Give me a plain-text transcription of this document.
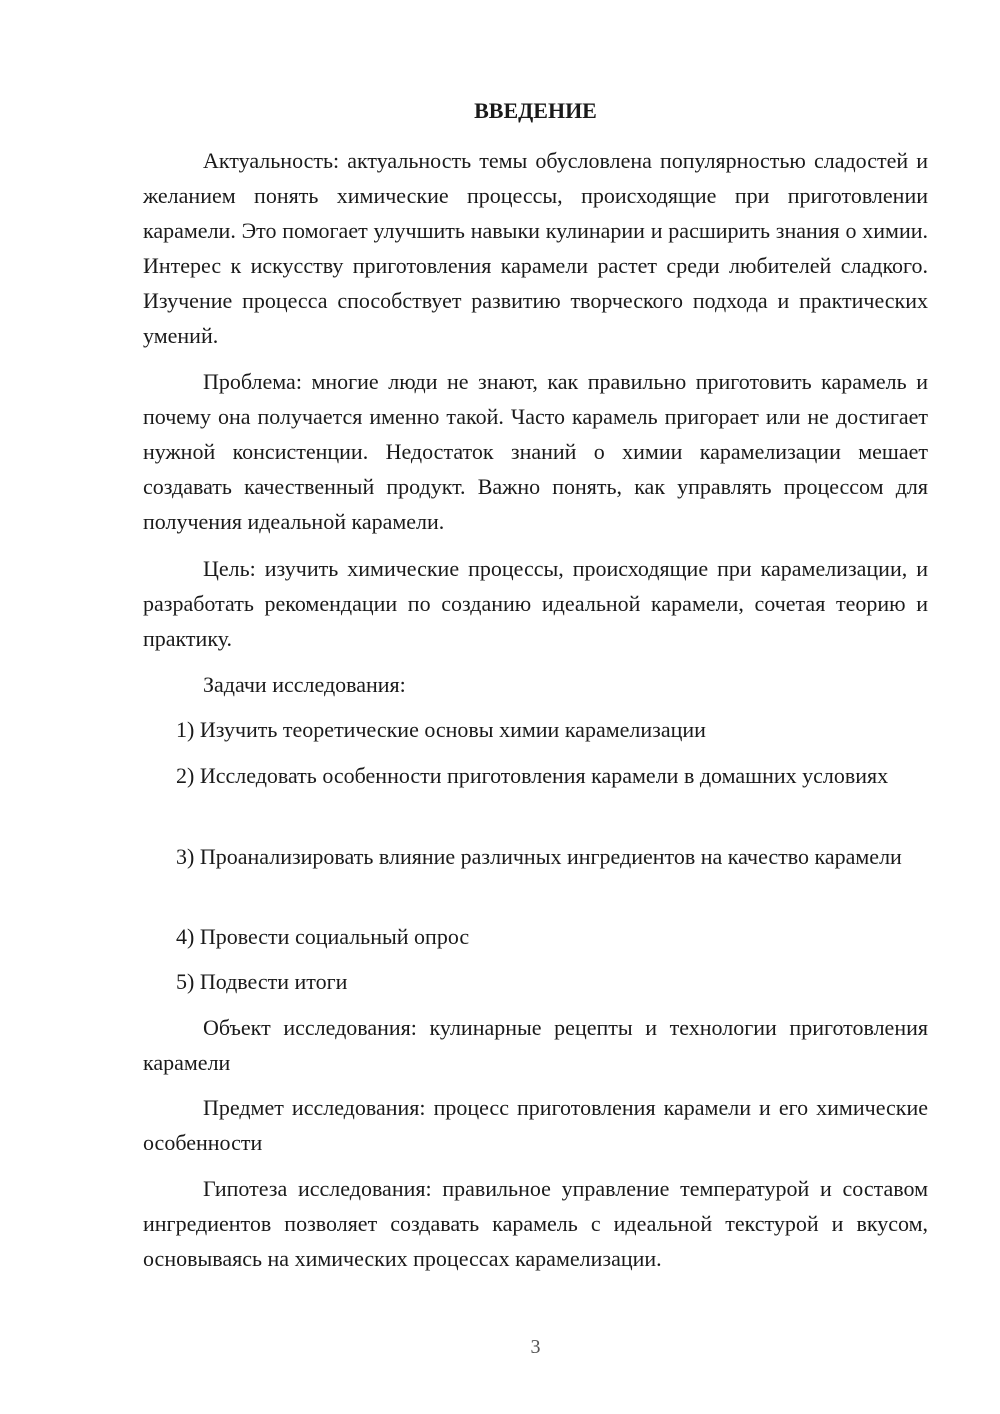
ВВЕДЕНИЕ

Актуальность: актуальность темы обусловлена популярностью сладостей и желанием понять химические процессы, происходящие при приготовлении карамели. Это помогает улучшить навыки кулинарии и расширить знания о химии. Интерес к искусству приготовления карамели растет среди любителей сладкого. Изучение процесса способствует развитию творческого подхода и практических умений.

Проблема: многие люди не знают, как правильно приготовить карамель и почему она получается именно такой. Часто карамель пригорает или не достигает нужной консистенции. Недостаток знаний о химии карамелизации мешает создавать качественный продукт. Важно понять, как управлять процессом для получения идеальной карамели.

Цель: изучить химические процессы, происходящие при карамелизации, и разработать рекомендации по созданию идеальной карамели, сочетая теорию и практику.

Задачи исследования:

1) Изучить теоретические основы химии карамелизации

2) Исследовать особенности приготовления карамели в домашних условиях

3) Проанализировать влияние различных ингредиентов на качество карамели

4) Провести социальный опрос

5) Подвести итоги

Объект исследования: кулинарные рецепты и технологии приготовления карамели

Предмет исследования: процесс приготовления карамели и его химические особенности

Гипотеза исследования: правильное управление температурой и составом ингредиентов позволяет создавать карамель с идеальной текстурой и вкусом, основываясь на химических процессах карамелизации.

3
